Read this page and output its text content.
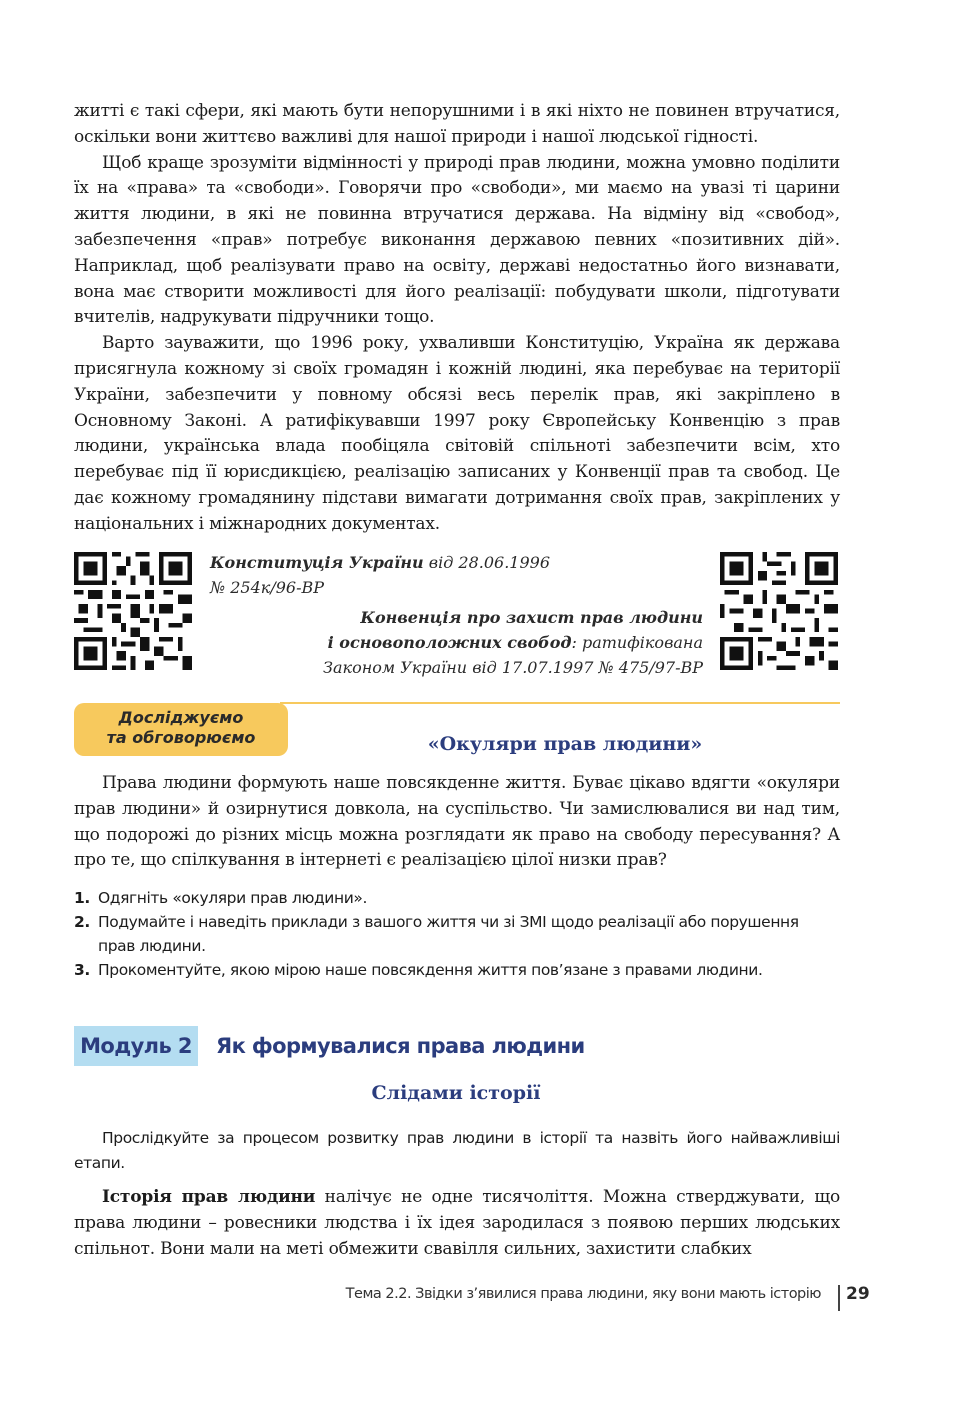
житті є такі сфери, які мають бути непорушними і в які ніхто не повинен втручатися, оскільки вони життєво важливі для нашої природи і нашої людської гідності.

Щоб краще зрозуміти відмінності у природі прав людини, можна умовно поділити їх на «права» та «свободи». Говорячи про «свободи», ми маємо на увазі ті царини життя людини, в які не повинна втручатися держава. На відміну від «свобод», забезпечення «прав» потребує виконання державою певних «позитивних дій». Наприклад, щоб реалізувати право на освіту, державі недостатньо його визнавати, вона має створити можливості для його реалізації: побудувати школи, підготувати вчителів, надрукувати підручники тощо.

Варто зауважити, що 1996 року, ухваливши Конституцію, Україна як держава присягнула кожному зі своїх громадян і кожній людині, яка перебуває на території України, забезпечити у повному обсязі весь перелік прав, які закріплено в Основному Законі. А ратифікувавши 1997 року Європейську Конвенцію з прав людини, українська влада пообіцяла світовій спільноті забезпечити всім, хто перебуває під її юрисдикцією, реалізацію записаних у Конвенції прав та свобод. Це дає кожному громадянину підстави вимагати дотримання своїх прав, закріплених у національних і міжнародних документах.

Конституція України від 28.06.1996
№ 254к/96-ВР
Конвенція про захист прав людини
і основоположних свобод: ратифікована
Законом України від 17.07.1997 № 475/97-ВР
Досліджуємо
та обговорюємо	«Окуляри прав людини»

Права людини формують наше повсякденне життя. Буває цікаво вдягти «окуляри прав людини» й озирнутися довкола, на суспільство. Чи замислювалися ви над тим, що подорожі до різних місць можна розглядати як право на свободу пересування? А про те, що спілкування в інтернеті є реалізацією цілої низки прав?

1. Одягніть «окуляри прав людини».
2. Подумайте і наведіть приклади з вашого життя чи зі ЗМІ щодо реалізації або порушення прав людини.
3. Прокоментуйте, якою мірою наше повсякдення життя пов’язане з правами людини.
Модуль 2 Як формувалися права людини
Слідами історії

Прослідкуйте за процесом розвитку прав людини в історії та назвіть його найважливіші етапи.

Історія прав людини налічує не одне тисячоліття. Можна стверджувати, що права людини – ровесники людства і їх ідея зародилася з появою перших людських спільнот. Вони мали на меті обмежити свавілля сильних, захистити слабких

Тема 2.2. Звідки з’явилися права людини, яку вони мають історію 29
